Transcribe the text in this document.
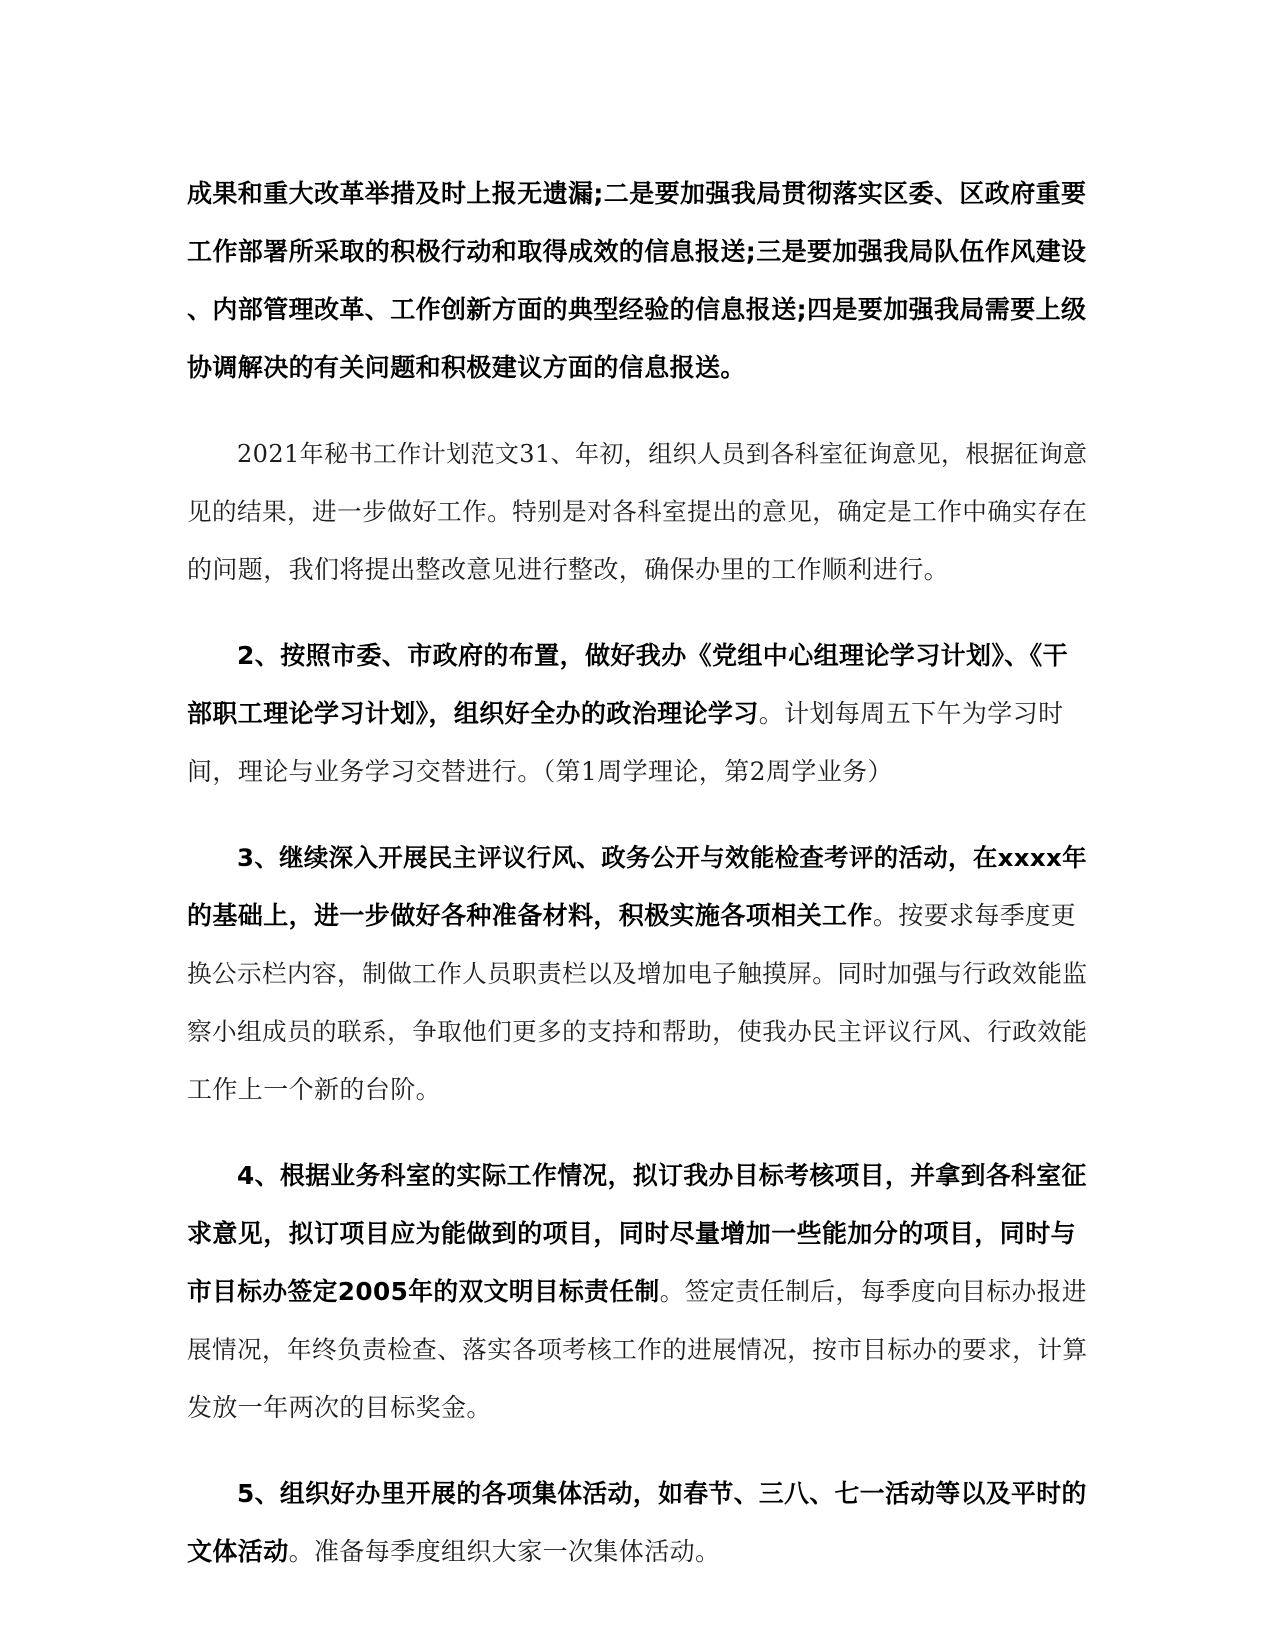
成果和重大改革举措及时上报无遗漏;二是要加强我局贯彻落实区委、区政府重要
工作部署所采取的积极行动和取得成效的信息报送;三是要加强我局队伍作风建设
、内部管理改革、工作创新方面的典型经验的信息报送;四是要加强我局需要上级
协调解决的有关问题和积极建议方面的信息报送。
2021年秘书工作计划范文31、年初，组织人员到各科室征询意见，根据征询意
见的结果，进一步做好工作。特别是对各科室提出的意见，确定是工作中确实存在
的问题，我们将提出整改意见进行整改，确保办里的工作顺利进行。
2、按照市委、市政府的布置，做好我办《党组中心组理论学习计划》、《干
部职工理论学习计划》，组织好全办的政治理论学习。计划每周五下午为学习时
间，理论与业务学习交替进行。（第1周学理论，第2周学业务）
3、继续深入开展民主评议行风、政务公开与效能检查考评的活动，在xxxx年
的基础上，进一步做好各种准备材料，积极实施各项相关工作。按要求每季度更
换公示栏内容，制做工作人员职责栏以及增加电子触摸屏。同时加强与行政效能监
察小组成员的联系，争取他们更多的支持和帮助，使我办民主评议行风、行政效能
工作上一个新的台阶。
4、根据业务科室的实际工作情况，拟订我办目标考核项目，并拿到各科室征
求意见，拟订项目应为能做到的项目，同时尽量增加一些能加分的项目，同时与
市目标办签定2005年的双文明目标责任制。签定责任制后，每季度向目标办报进
展情况，年终负责检查、落实各项考核工作的进展情况，按市目标办的要求，计算
发放一年两次的目标奖金。
5、组织好办里开展的各项集体活动，如春节、三八、七一活动等以及平时的
文体活动。准备每季度组织大家一次集体活动。
